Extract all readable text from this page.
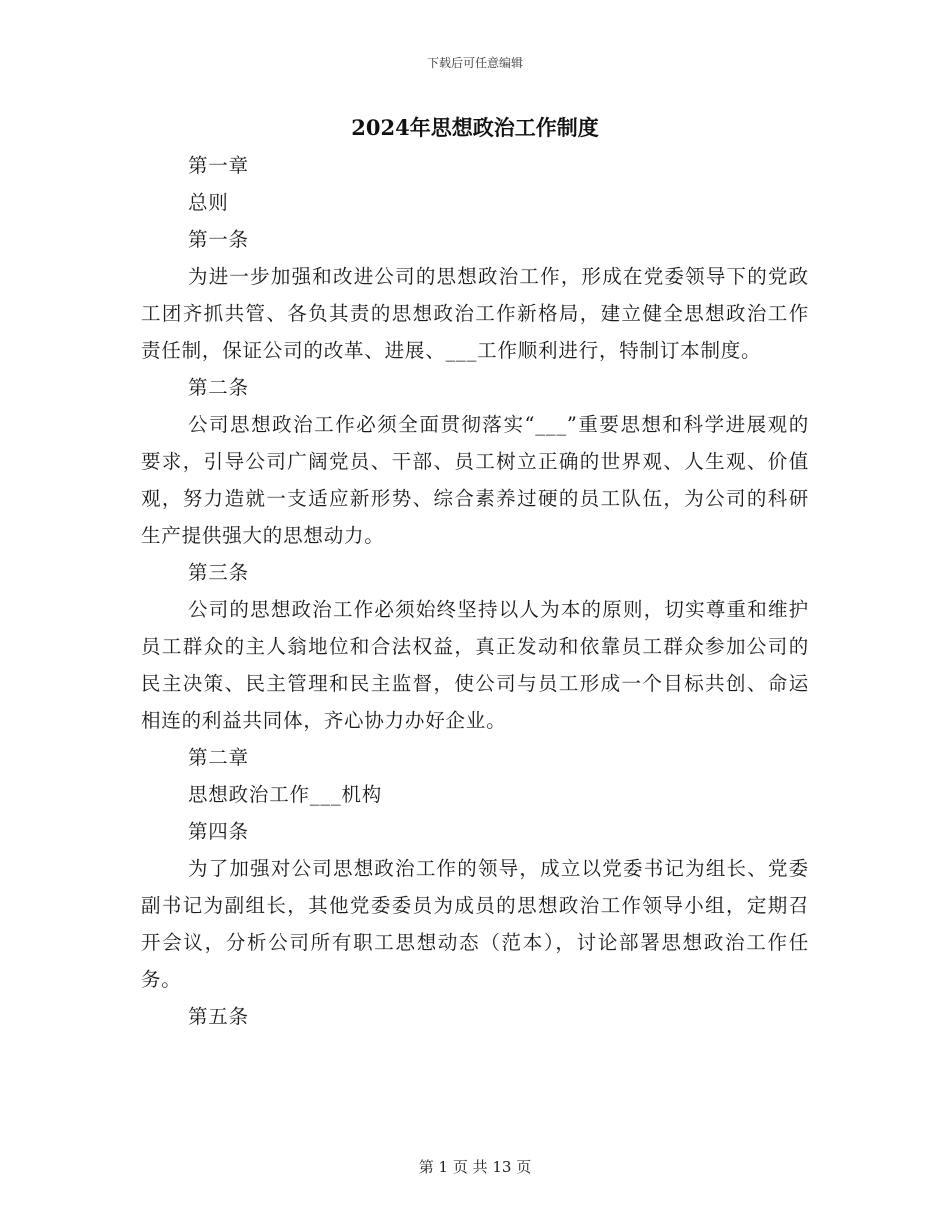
下载后可任意编辑
2024年思想政治工作制度

第一章

总则

第一条

为进一步加强和改进公司的思想政治工作，形成在党委领导下的党政工团齐抓共管、各负其责的思想政治工作新格局，建立健全思想政治工作责任制，保证公司的改革、进展、___工作顺利进行，特制订本制度。

第二条

公司思想政治工作必须全面贯彻落实“___”重要思想和科学进展观的要求，引导公司广阔党员、干部、员工树立正确的世界观、人生观、价值观，努力造就一支适应新形势、综合素养过硬的员工队伍，为公司的科研生产提供强大的思想动力。

第三条

公司的思想政治工作必须始终坚持以人为本的原则，切实尊重和维护员工群众的主人翁地位和合法权益，真正发动和依靠员工群众参加公司的民主决策、民主管理和民主监督，使公司与员工形成一个目标共创、命运相连的利益共同体，齐心协力办好企业。

第二章

思想政治工作___机构

第四条

为了加强对公司思想政治工作的领导，成立以党委书记为组长、党委副书记为副组长，其他党委委员为成员的思想政治工作领导小组，定期召开会议，分析公司所有职工思想动态（范本），讨论部署思想政治工作任务。

第五条

第 1 页 共 13 页
